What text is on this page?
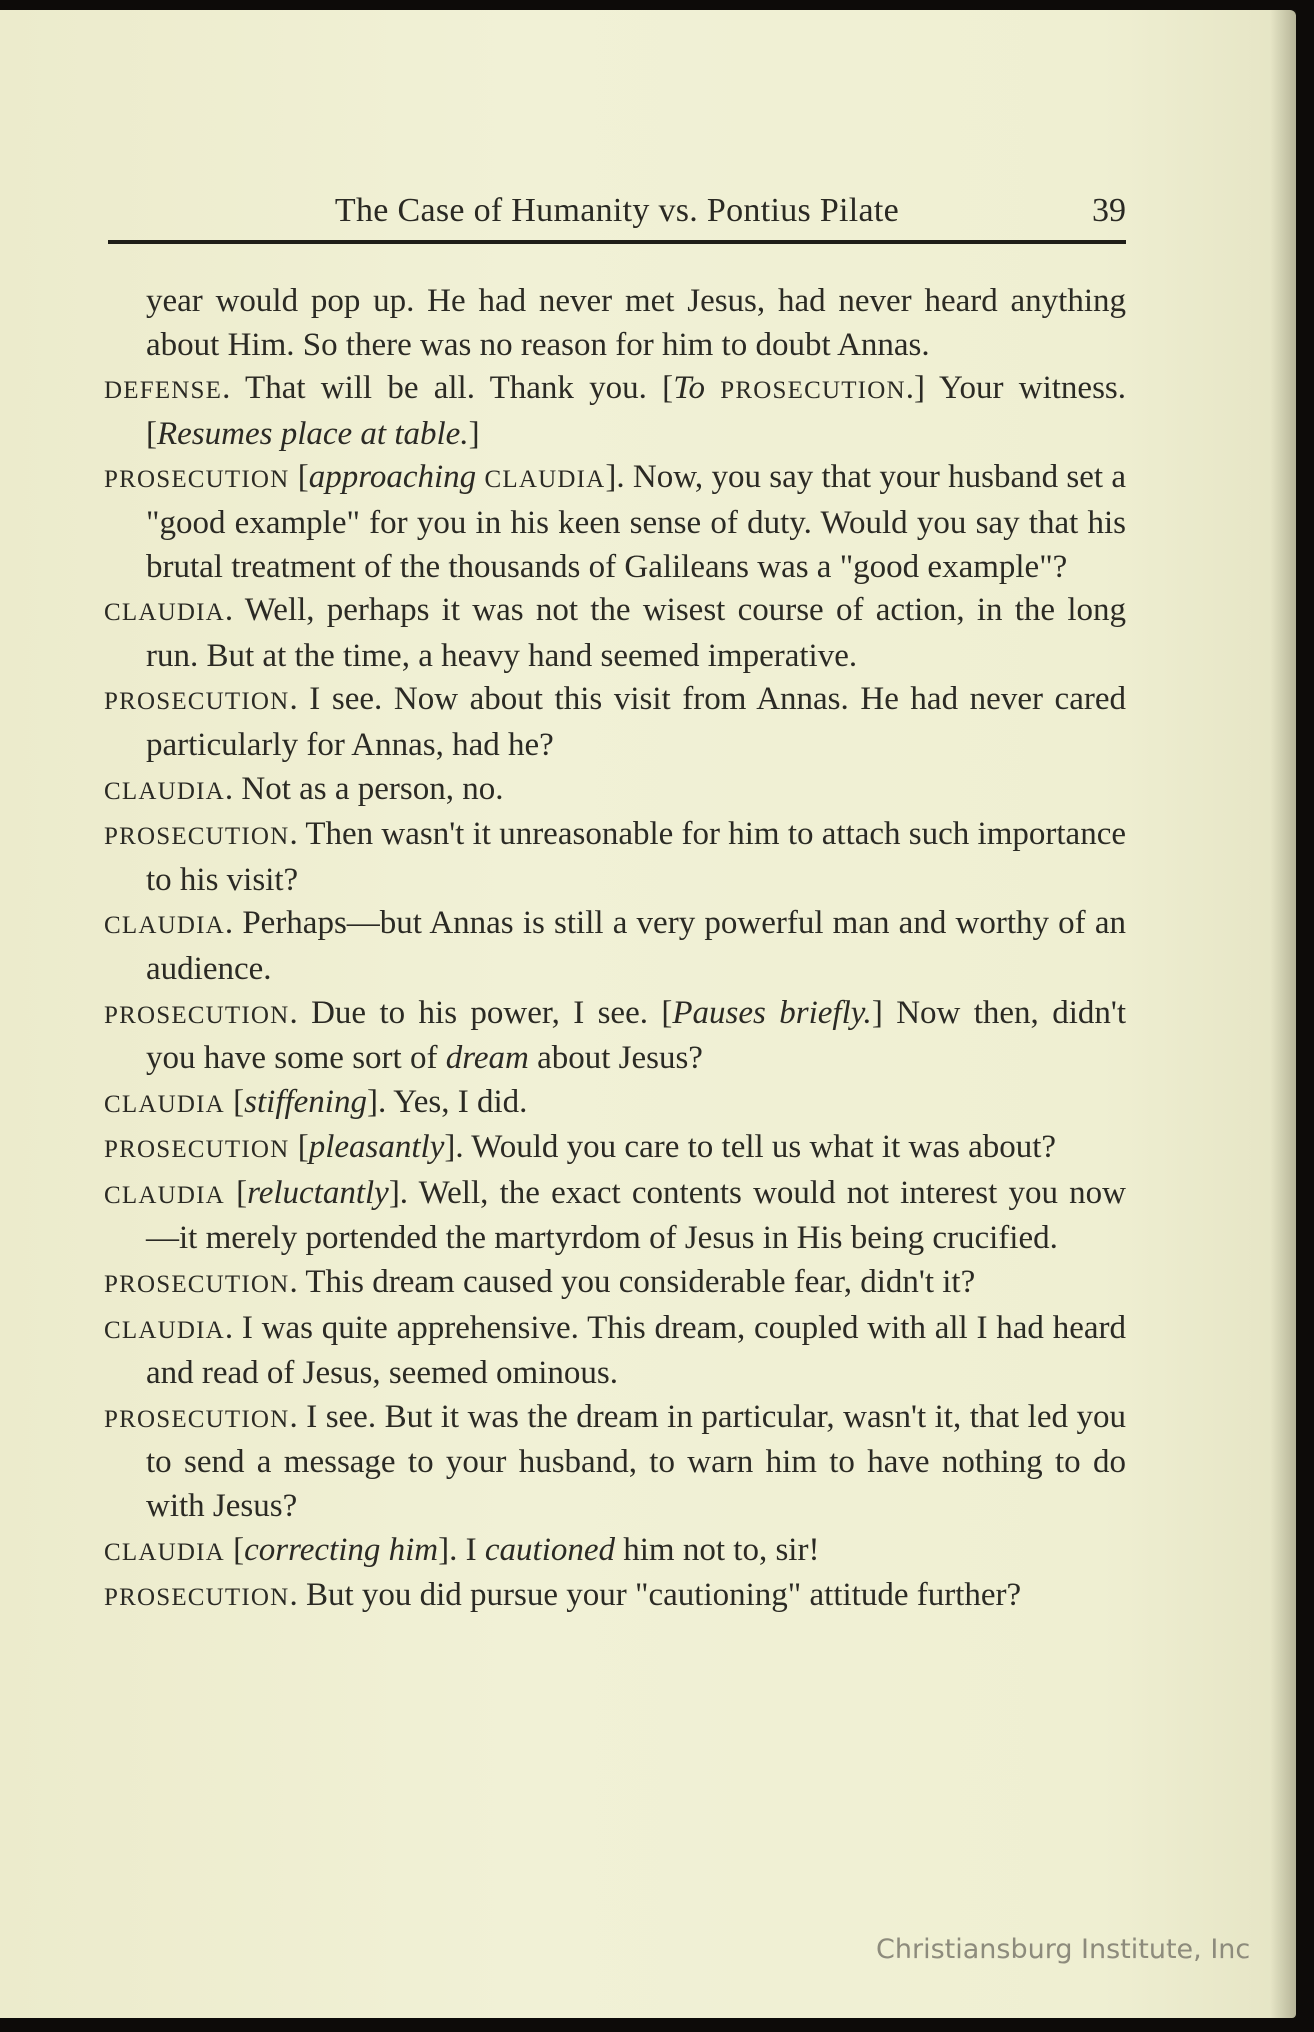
The Case of Humanity vs. Pontius Pilate	39

year would pop up. He had never met Jesus, had never heard anything about Him. So there was no reason for him to doubt Annas.

DEFENSE. That will be all. Thank you. [To PROSECUTION.] Your witness. [Resumes place at table.]

PROSECUTION [approaching CLAUDIA]. Now, you say that your husband set a "good example" for you in his keen sense of duty. Would you say that his brutal treatment of the thousands of Galileans was a "good example"?

CLAUDIA. Well, perhaps it was not the wisest course of action, in the long run. But at the time, a heavy hand seemed imperative.

PROSECUTION. I see. Now about this visit from Annas. He had never cared particularly for Annas, had he?

CLAUDIA. Not as a person, no.

PROSECUTION. Then wasn't it unreasonable for him to attach such importance to his visit?

CLAUDIA. Perhaps—but Annas is still a very powerful man and worthy of an audience.

PROSECUTION. Due to his power, I see. [Pauses briefly.] Now then, didn't you have some sort of dream about Jesus?

CLAUDIA [stiffening]. Yes, I did.

PROSECUTION [pleasantly]. Would you care to tell us what it was about?

CLAUDIA [reluctantly]. Well, the exact contents would not interest you now—it merely portended the martyrdom of Jesus in His being crucified.

PROSECUTION. This dream caused you considerable fear, didn't it?

CLAUDIA. I was quite apprehensive. This dream, coupled with all I had heard and read of Jesus, seemed ominous.

PROSECUTION. I see. But it was the dream in particular, wasn't it, that led you to send a message to your husband, to warn him to have nothing to do with Jesus?

CLAUDIA [correcting him]. I cautioned him not to, sir!

PROSECUTION. But you did pursue your "cautioning" attitude further?

Christiansburg Institute, Inc
